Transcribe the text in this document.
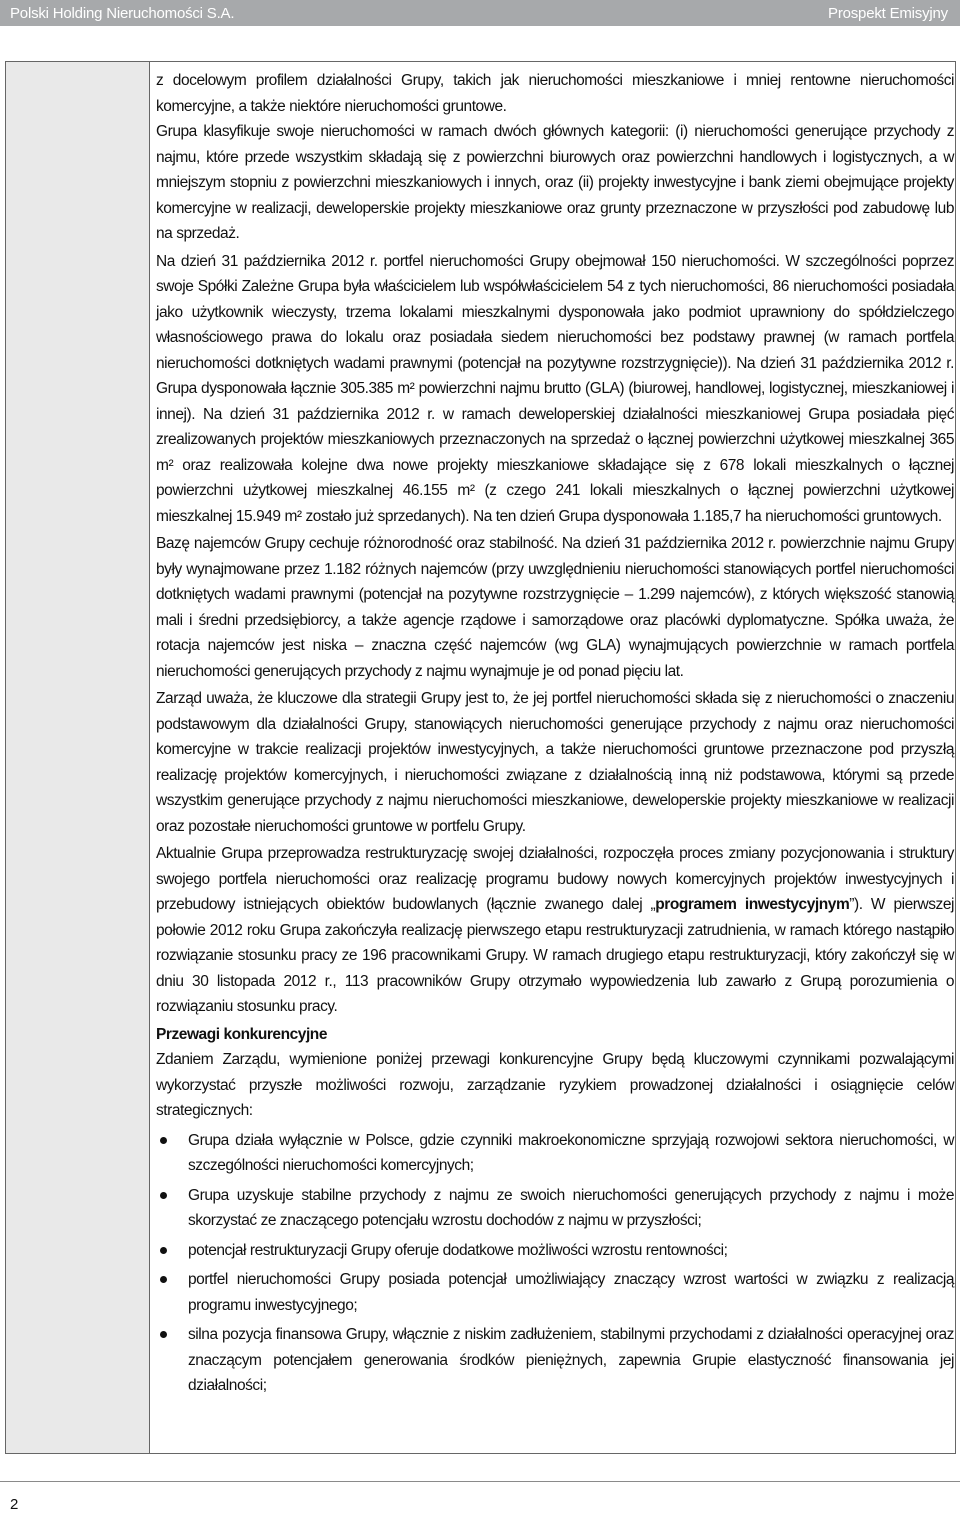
Polski Holding Nieruchomości S.A.	Prospekt Emisyjny

z docelowym profilem działalności Grupy, takich jak nieruchomości mieszkaniowe i mniej rentowne nieruchomości komercyjne, a także niektóre nieruchomości gruntowe.

Grupa klasyfikuje swoje nieruchomości w ramach dwóch głównych kategorii: (i) nieruchomości generujące przychody z najmu, które przede wszystkim składają się z powierzchni biurowych oraz powierzchni handlowych i logistycznych, a w mniejszym stopniu z powierzchni mieszkaniowych i innych, oraz (ii) projekty inwestycyjne i bank ziemi obejmujące projekty komercyjne w realizacji, deweloperskie projekty mieszkaniowe oraz grunty przeznaczone w przyszłości pod zabudowę lub na sprzedaż.

Na dzień 31 października 2012 r. portfel nieruchomości Grupy obejmował 150 nieruchomości. W szczególności poprzez swoje Spółki Zależne Grupa była właścicielem lub współwłaścicielem 54 z tych nieruchomości, 86 nieruchomości posiadała jako użytkownik wieczysty, trzema lokalami mieszkalnymi dysponowała jako podmiot uprawniony do spółdzielczego własnościowego prawa do lokalu oraz posiadała siedem nieruchomości bez podstawy prawnej (w ramach portfela nieruchomości dotkniętych wadami prawnymi (potencjał na pozytywne rozstrzygnięcie)). Na dzień 31 października 2012 r. Grupa dysponowała łącznie 305.385 m² powierzchni najmu brutto (GLA) (biurowej, handlowej, logistycznej, mieszkaniowej i innej). Na dzień 31 października 2012 r. w ramach deweloperskiej działalności mieszkaniowej Grupa posiadała pięć zrealizowanych projektów mieszkaniowych przeznaczonych na sprzedaż o łącznej powierzchni użytkowej mieszkalnej 365 m² oraz realizowała kolejne dwa nowe projekty mieszkaniowe składające się z 678 lokali mieszkalnych o łącznej powierzchni użytkowej mieszkalnej 46.155 m² (z czego 241 lokali mieszkalnych o łącznej powierzchni użytkowej mieszkalnej 15.949 m² zostało już sprzedanych). Na ten dzień Grupa dysponowała 1.185,7 ha nieruchomości gruntowych.

Bazę najemców Grupy cechuje różnorodność oraz stabilność. Na dzień 31 października 2012 r. powierzchnie najmu Grupy były wynajmowane przez 1.182 różnych najemców (przy uwzględnieniu nieruchomości stanowiących portfel nieruchomości dotkniętych wadami prawnymi (potencjał na pozytywne rozstrzygnięcie – 1.299 najemców), z których większość stanowią mali i średni przedsiębiorcy, a także agencje rządowe i samorządowe oraz placówki dyplomatyczne. Spółka uważa, że rotacja najemców jest niska – znaczna część najemców (wg GLA) wynajmujących powierzchnie w ramach portfela nieruchomości generujących przychody z najmu wynajmuje je od ponad pięciu lat.

Zarząd uważa, że kluczowe dla strategii Grupy jest to, że jej portfel nieruchomości składa się z nieruchomości o znaczeniu podstawowym dla działalności Grupy, stanowiących nieruchomości generujące przychody z najmu oraz nieruchomości komercyjne w trakcie realizacji projektów inwestycyjnych, a także nieruchomości gruntowe przeznaczone pod przyszłą realizację projektów komercyjnych, i nieruchomości związane z działalnością inną niż podstawowa, którymi są przede wszystkim generujące przychody z najmu nieruchomości mieszkaniowe, deweloperskie projekty mieszkaniowe w realizacji oraz pozostałe nieruchomości gruntowe w portfelu Grupy.

Aktualnie Grupa przeprowadza restrukturyzację swojej działalności, rozpoczęła proces zmiany pozycjonowania i struktury swojego portfela nieruchomości oraz realizację programu budowy nowych komercyjnych projektów inwestycyjnych i przebudowy istniejących obiektów budowlanych (łącznie zwanego dalej „programem inwestycyjnym”). W pierwszej połowie 2012 roku Grupa zakończyła realizację pierwszego etapu restrukturyzacji zatrudnienia, w ramach którego nastąpiło rozwiązanie stosunku pracy ze 196 pracownikami Grupy. W ramach drugiego etapu restrukturyzacji, który zakończył się w dniu 30 listopada 2012 r., 113 pracowników Grupy otrzymało wypowiedzenia lub zawarło z Grupą porozumienia o rozwiązaniu stosunku pracy.

Przewagi konkurencyjne

Zdaniem Zarządu, wymienione poniżej przewagi konkurencyjne Grupy będą kluczowymi czynnikami pozwalającymi wykorzystać przyszłe możliwości rozwoju, zarządzanie ryzykiem prowadzonej działalności i osiągnięcie celów strategicznych:

Grupa działa wyłącznie w Polsce, gdzie czynniki makroekonomiczne sprzyjają rozwojowi sektora nieruchomości, w szczególności nieruchomości komercyjnych;
Grupa uzyskuje stabilne przychody z najmu ze swoich nieruchomości generujących przychody z najmu i może skorzystać ze znaczącego potencjału wzrostu dochodów z najmu w przyszłości;
potencjał restrukturyzacji Grupy oferuje dodatkowe możliwości wzrostu rentowności;
portfel nieruchomości Grupy posiada potencjał umożliwiający znaczący wzrost wartości w związku z realizacją programu inwestycyjnego;
silna pozycja finansowa Grupy, włącznie z niskim zadłużeniem, stabilnymi przychodami z działalności operacyjnej oraz znaczącym potencjałem generowania środków pieniężnych, zapewnia Grupie elastyczność finansowania jej działalności;
2
